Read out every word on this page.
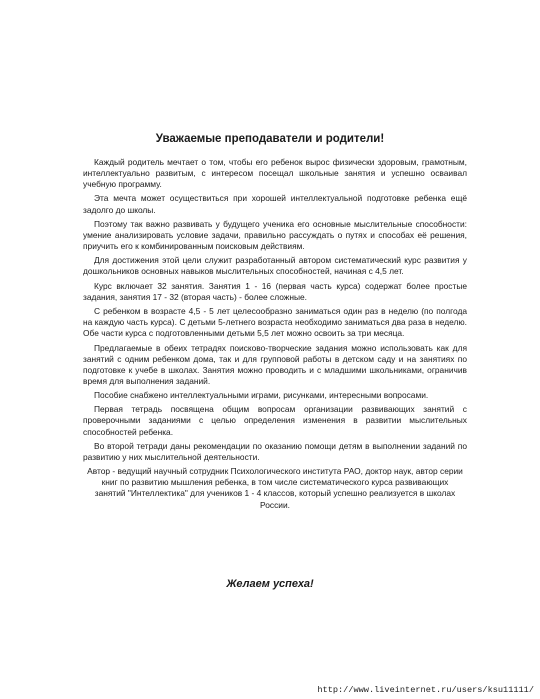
Уважаемые преподаватели и родители!

Каждый родитель мечтает о том, чтобы его ребенок вырос физически здоровым, грамотным, интеллектуально развитым, с интересом посещал школьные занятия и успешно осваивал учебную программу.

Эта мечта может осуществиться при хорошей интеллектуальной подготовке ребенка ещё задолго до школы.

Поэтому так важно развивать у будущего ученика его основные мыслительные способности: умение анализировать условие задачи, правильно рассуждать о путях и способах её решения, приучить его к комбинированным поисковым действиям.

Для достижения этой цели служит разработанный автором систематический курс развития у дошкольников основных навыков мыслительных способностей, начиная с 4,5 лет.

Курс включает 32 занятия. Занятия 1 - 16 (первая часть курса) содержат более простые задания, занятия 17 - 32 (вторая часть) - более сложные.

С ребенком в возрасте 4,5 - 5 лет целесообразно заниматься один раз в неделю (по полгода на каждую часть курса). С детьми 5-летнего возраста необходимо заниматься два раза в неделю. Обе части курса с подготовленными детьми 5,5 лет можно освоить за три месяца.

Предлагаемые в обеих тетрадях поисково-творческие задания можно использовать как для занятий с одним ребенком дома, так и для групповой работы в детском саду и на занятиях по подготовке к учебе в школах. Занятия можно проводить и с младшими школьниками, ограничив время для выполнения заданий.

Пособие снабжено интеллектуальными играми, рисунками, интересными вопросами.

Первая тетрадь посвящена общим вопросам организации развивающих занятий с проверочными заданиями с целью определения изменения в развитии мыслительных способностей ребенка.

Во второй тетради даны рекомендации по оказанию помощи детям в выполнении заданий по развитию у них мыслительной деятельности.

Автор - ведущий научный сотрудник Психологического института РАО, доктор наук, автор серии книг по развитию мышления ребенка, в том числе систематического курса развивающих занятий "Интеллектика" для учеников 1 - 4 классов, который успешно реализуется в школах России.

Желаем успеха!
http://www.liveinternet.ru/users/ksu11111/
